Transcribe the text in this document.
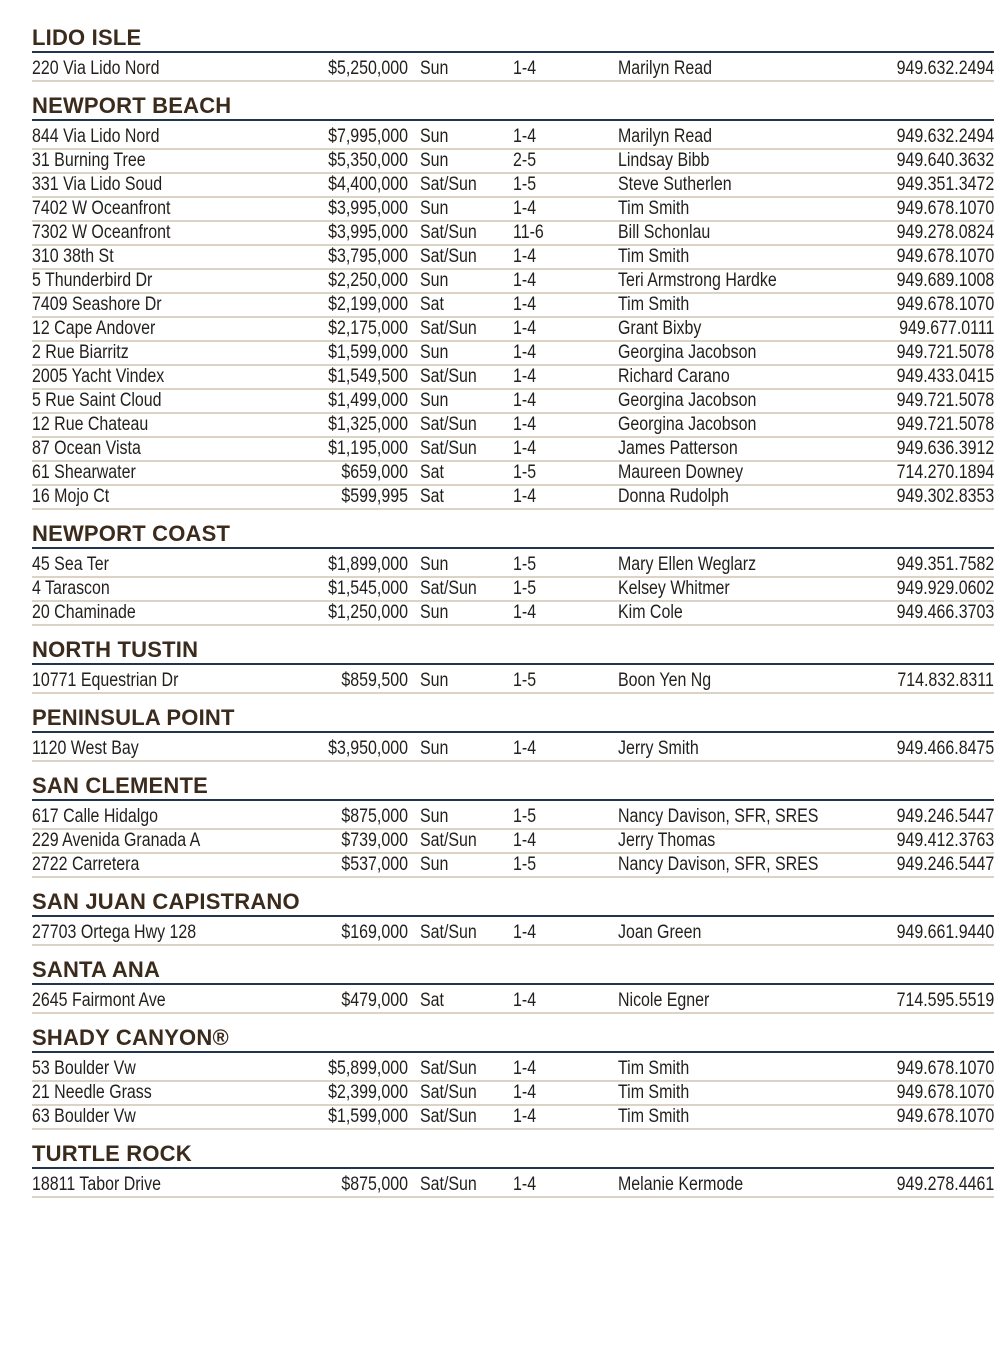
LIDO ISLE
220 Via Lido Nord	$5,250,000 Sun	1-4	Marilyn Read	949.632.2494
NEWPORT BEACH
844 Via Lido Nord	$7,995,000 Sun	1-4	Marilyn Read	949.632.2494
31 Burning Tree	$5,350,000 Sun	2-5	Lindsay Bibb	949.640.3632
331 Via Lido Soud	$4,400,000 Sat/Sun 1-5	Steve Sutherlen	949.351.3472
7402 W Oceanfront	$3,995,000 Sun	1-4	Tim Smith	949.678.1070
7302 W Oceanfront	$3,995,000 Sat/Sun 11-6	Bill Schonlau	949.278.0824
310 38th St	$3,795,000 Sat/Sun 1-4	Tim Smith	949.678.1070
5 Thunderbird Dr	$2,250,000 Sun	1-4	Teri Armstrong Hardke	949.689.1008
7409 Seashore Dr	$2,199,000 Sat	1-4	Tim Smith	949.678.1070
12 Cape Andover	$2,175,000 Sat/Sun 1-4	Grant Bixby	949.677.0111
2 Rue Biarritz	$1,599,000 Sun	1-4	Georgina Jacobson	949.721.5078
2005 Yacht Vindex	$1,549,500 Sat/Sun 1-4	Richard Carano	949.433.0415
5 Rue Saint Cloud	$1,499,000 Sun	1-4	Georgina Jacobson	949.721.5078
12 Rue Chateau	$1,325,000 Sat/Sun 1-4	Georgina Jacobson	949.721.5078
87 Ocean Vista	$1,195,000 Sat/Sun 1-4	James Patterson	949.636.3912
61 Shearwater	$659,000 Sat	1-5	Maureen Downey	714.270.1894
16 Mojo Ct	$599,995 Sat	1-4	Donna Rudolph	949.302.8353
NEWPORT COAST
45 Sea Ter	$1,899,000 Sun	1-5	Mary Ellen Weglarz	949.351.7582
4 Tarascon	$1,545,000 Sat/Sun 1-5	Kelsey Whitmer	949.929.0602
20 Chaminade	$1,250,000 Sun	1-4	Kim Cole	949.466.3703
NORTH TUSTIN
10771 Equestrian Dr	$859,500 Sun	1-5	Boon Yen Ng	714.832.8311
PENINSULA POINT
1120 West Bay	$3,950,000 Sun	1-4	Jerry Smith	949.466.8475
SAN CLEMENTE
617 Calle Hidalgo	$875,000 Sun	1-5	Nancy Davison, SFR, SRES	949.246.5447
229 Avenida Granada A	$739,000 Sat/Sun 1-4	Jerry Thomas	949.412.3763
2722 Carretera	$537,000 Sun	1-5	Nancy Davison, SFR, SRES	949.246.5447
SAN JUAN CAPISTRANO
27703 Ortega Hwy 128	$169,000 Sat/Sun 1-4	Joan Green	949.661.9440
SANTA ANA
2645 Fairmont Ave	$479,000 Sat	1-4	Nicole Egner	714.595.5519
SHADY CANYON®
53 Boulder Vw	$5,899,000 Sat/Sun 1-4	Tim Smith	949.678.1070
21 Needle Grass	$2,399,000 Sat/Sun 1-4	Tim Smith	949.678.1070
63 Boulder Vw	$1,599,000 Sat/Sun 1-4	Tim Smith	949.678.1070
TURTLE ROCK
18811 Tabor Drive	$875,000 Sat/Sun 1-4	Melanie Kermode	949.278.4461
